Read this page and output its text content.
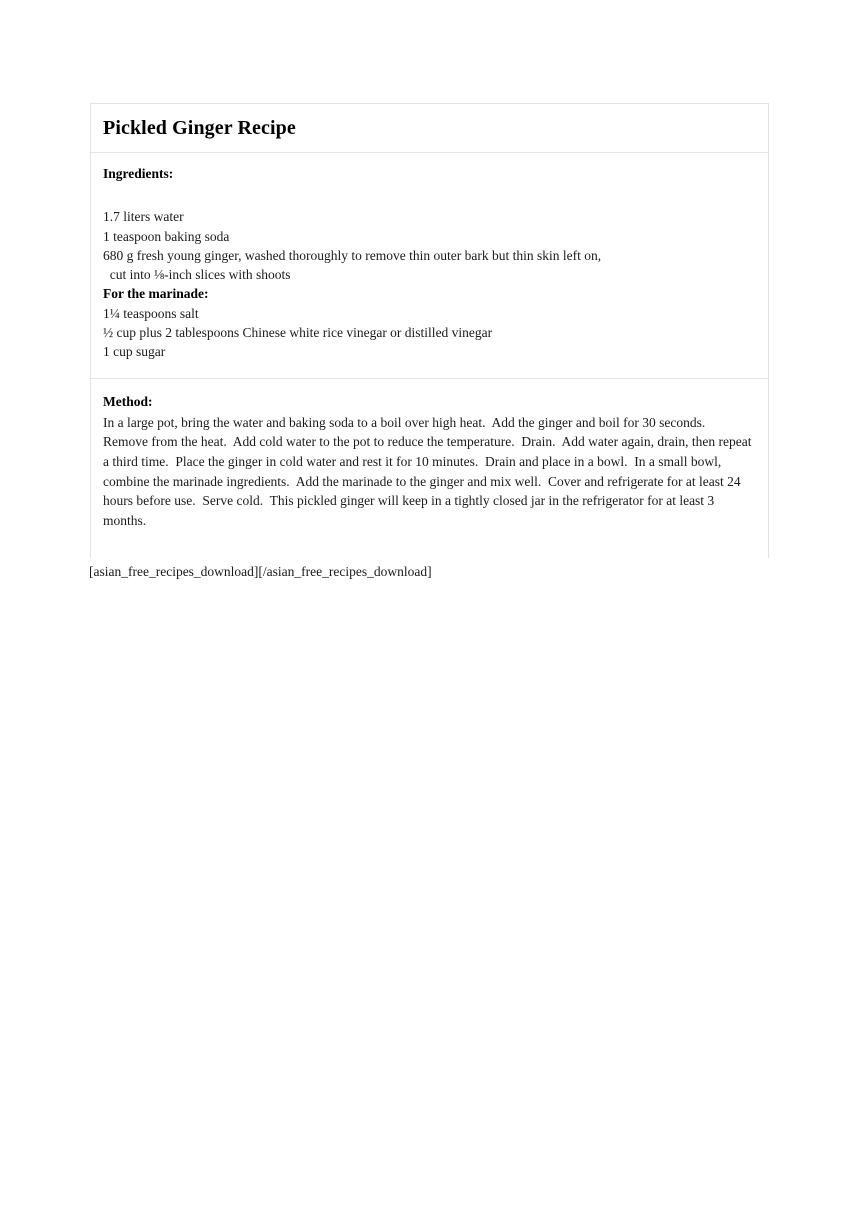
Pickled Ginger Recipe
Ingredients:
1.7 liters water
1 teaspoon baking soda
680 g fresh young ginger, washed thoroughly to remove thin outer bark but thin skin left on,
cut into ⅛-inch slices with shoots
For the marinade:
1¼ teaspoons salt
½ cup plus 2 tablespoons Chinese white rice vinegar or distilled vinegar
1 cup sugar
Method:

In a large pot, bring the water and baking soda to a boil over high heat.  Add the ginger and boil for 30 seconds.  Remove from the heat.  Add cold water to the pot to reduce the temperature.  Drain.  Add water again, drain, then repeat a third time.  Place the ginger in cold water and rest it for 10 minutes.  Drain and place in a bowl.  In a small bowl, combine the marinade ingredients.  Add the marinade to the ginger and mix well.  Cover and refrigerate for at least 24 hours before use.  Serve cold.  This pickled ginger will keep in a tightly closed jar in the refrigerator for at least 3 months.

[asian_free_recipes_download][/asian_free_recipes_download]
